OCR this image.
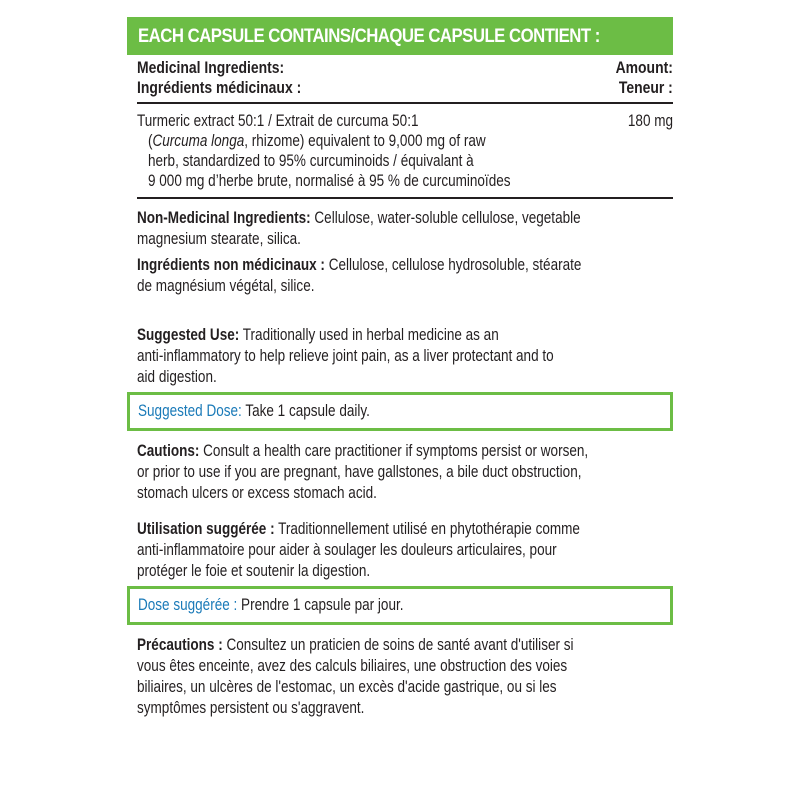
EACH CAPSULE CONTAINS/CHAQUE CAPSULE CONTIENT :
Medicinal Ingredients:
Ingrédients médicinaux :
Amount:
Teneur :
Turmeric extract 50:1 / Extrait de curcuma 50:1
(Curcuma longa, rhizome) equivalent to 9,000 mg of raw
herb, standardized to 95% curcuminoids / équivalant à
9 000 mg d’herbe brute, normalisé à 95 % de curcuminoïdes
180 mg
Non-Medicinal Ingredients: Cellulose, water-soluble cellulose, vegetable
magnesium stearate, silica.
Ingrédients non médicinaux : Cellulose, cellulose hydrosoluble, stéarate
de magnésium végétal, silice.
Suggested Use: Traditionally used in herbal medicine as an
anti-inflammatory to help relieve joint pain, as a liver protectant and to
aid digestion.
Suggested Dose: Take 1 capsule daily.
Cautions: Consult a health care practitioner if symptoms persist or worsen,
or prior to use if you are pregnant, have gallstones, a bile duct obstruction,
stomach ulcers or excess stomach acid.
Utilisation suggérée : Traditionnellement utilisé en phytothérapie comme
anti-inflammatoire pour aider à soulager les douleurs articulaires, pour
protéger le foie et soutenir la digestion.
Dose suggérée : Prendre 1 capsule par jour.
Précautions : Consultez un praticien de soins de santé avant d'utiliser si
vous êtes enceinte, avez des calculs biliaires, une obstruction des voies
biliaires, un ulcères de l'estomac, un excès d'acide gastrique, ou si les
symptômes persistent ou s'aggravent.
